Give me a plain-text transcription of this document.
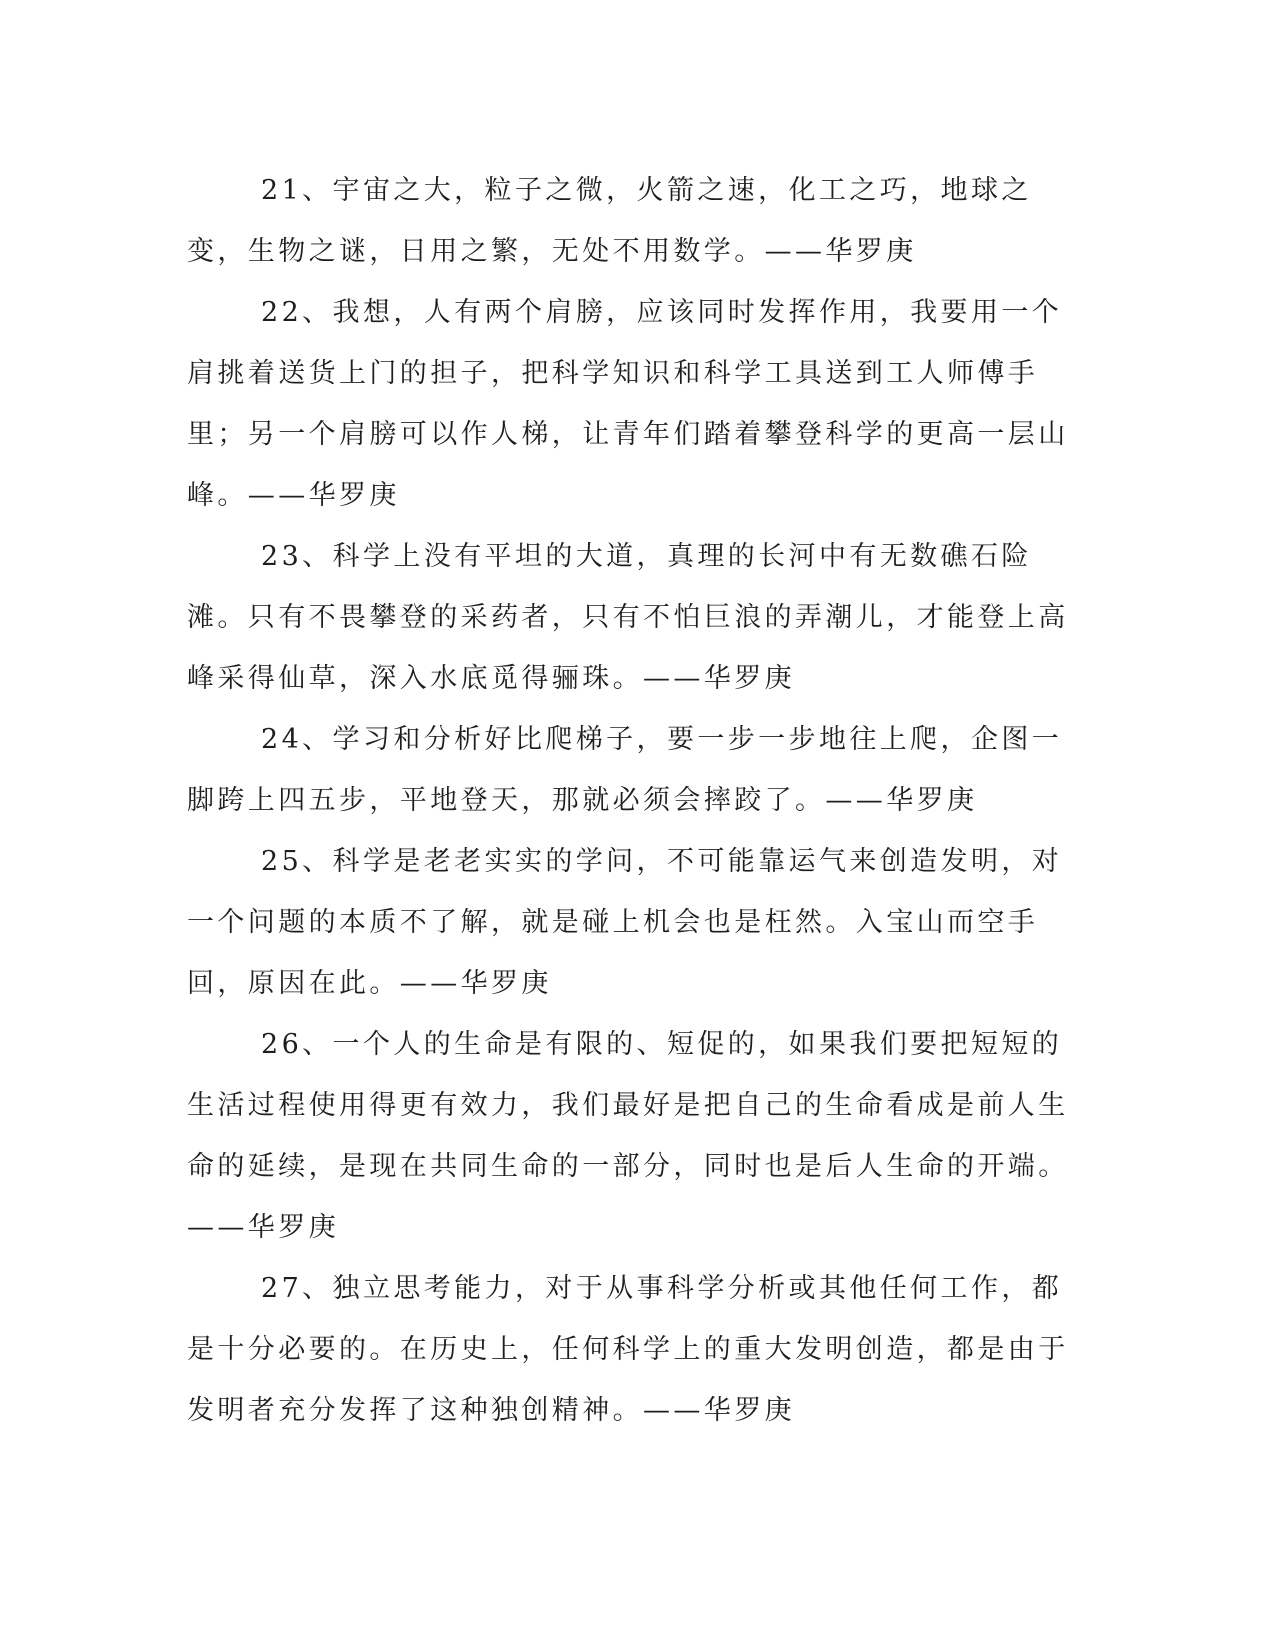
21、宇宙之大，粒子之微，火箭之速，化工之巧，地球之变，生物之谜，日用之繁，无处不用数学。——华罗庚

22、我想，人有两个肩膀，应该同时发挥作用，我要用一个肩挑着送货上门的担子，把科学知识和科学工具送到工人师傅手里；另一个肩膀可以作人梯，让青年们踏着攀登科学的更高一层山峰。——华罗庚

23、科学上没有平坦的大道，真理的长河中有无数礁石险滩。只有不畏攀登的采药者，只有不怕巨浪的弄潮儿，才能登上高峰采得仙草，深入水底觅得骊珠。——华罗庚

24、学习和分析好比爬梯子，要一步一步地往上爬，企图一脚跨上四五步，平地登天，那就必须会摔跤了。——华罗庚

25、科学是老老实实的学问，不可能靠运气来创造发明，对一个问题的本质不了解，就是碰上机会也是枉然。入宝山而空手回，原因在此。——华罗庚

26、一个人的生命是有限的、短促的，如果我们要把短短的生活过程使用得更有效力，我们最好是把自己的生命看成是前人生命的延续，是现在共同生命的一部分，同时也是后人生命的开端。——华罗庚

27、独立思考能力，对于从事科学分析或其他任何工作，都是十分必要的。在历史上，任何科学上的重大发明创造，都是由于发明者充分发挥了这种独创精神。——华罗庚
